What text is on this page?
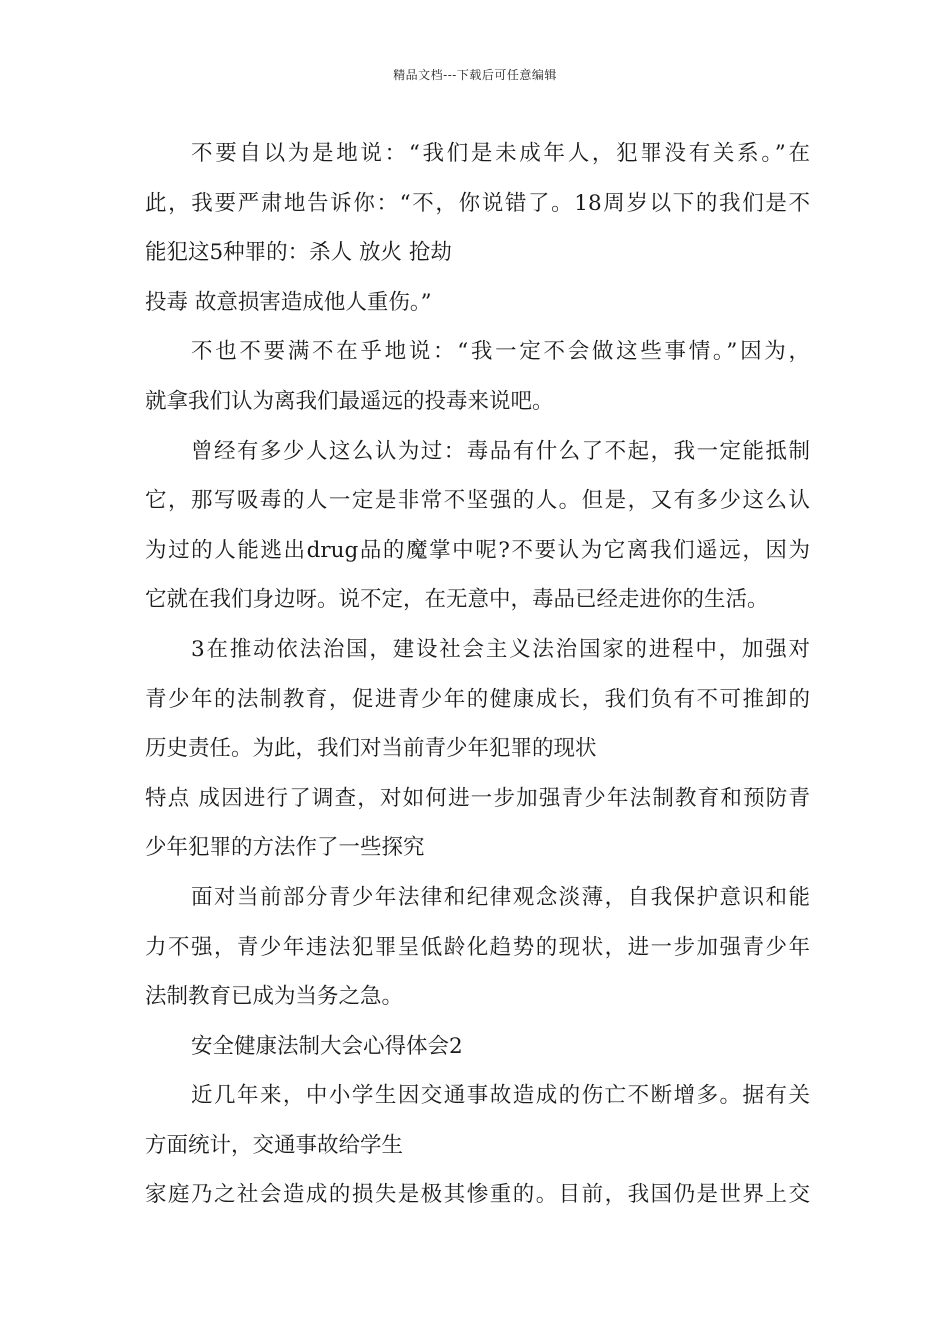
精品文档---下载后可任意编辑
不要自以为是地说：“我们是未成年人，犯罪没有关系。”在
此，我要严肃地告诉你：“不，你说错了。18周岁以下的我们是不
能犯这5种罪的：杀人 放火 抢劫
投毒 故意损害造成他人重伤。”
不也不要满不在乎地说：“我一定不会做这些事情。”因为，
就拿我们认为离我们最遥远的投毒来说吧。
曾经有多少人这么认为过：毒品有什么了不起，我一定能抵制
它，那写吸毒的人一定是非常不坚强的人。但是，又有多少这么认
为过的人能逃出drug品的魔掌中呢?不要认为它离我们遥远，因为
它就在我们身边呀。说不定，在无意中，毒品已经走进你的生活。
3在推动依法治国，建设社会主义法治国家的进程中，加强对
青少年的法制教育，促进青少年的健康成长，我们负有不可推卸的
历史责任。为此，我们对当前青少年犯罪的现状
特点 成因进行了调查，对如何进一步加强青少年法制教育和预防青
少年犯罪的方法作了一些探究
面对当前部分青少年法律和纪律观念淡薄，自我保护意识和能
力不强，青少年违法犯罪呈低龄化趋势的现状，进一步加强青少年
法制教育已成为当务之急。
安全健康法制大会心得体会2
近几年来，中小学生因交通事故造成的伤亡不断增多。据有关
方面统计，交通事故给学生
家庭乃之社会造成的损失是极其惨重的。目前，我国仍是世界上交
